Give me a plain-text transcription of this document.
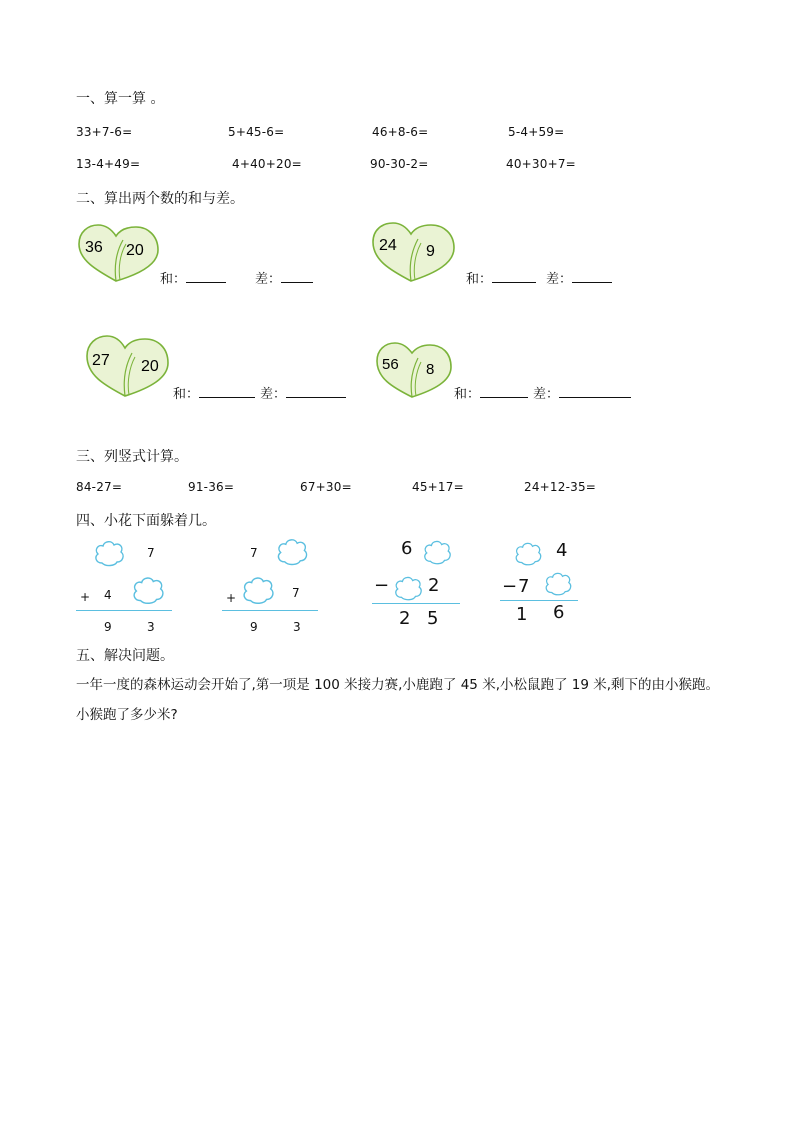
一、算一算 。
33+7-6=	5+45-6=	46+8-6=	5-4+59=
13-4+49=	4+40+20=	90-30-2=	40+30+7=
二、算出两个数的和与差。
36 20
和：	差：
24 9
和：	差：
27 20
和：	差：
56 8
和：	差：
三、列竖式计算。
84-27=	91-36=	67+30=	45+17=	24+12-35=
四、小花下面躲着几。
7
+ 4
9	3
7
+	7
9	3
6
− 2
2 5
4
− 7
1 6
五、解决问题。
一年一度的森林运动会开始了,第一项是 100 米接力赛,小鹿跑了 45 米,小松鼠跑了 19 米,剩下的由小猴跑。小猴跑了多少米?
